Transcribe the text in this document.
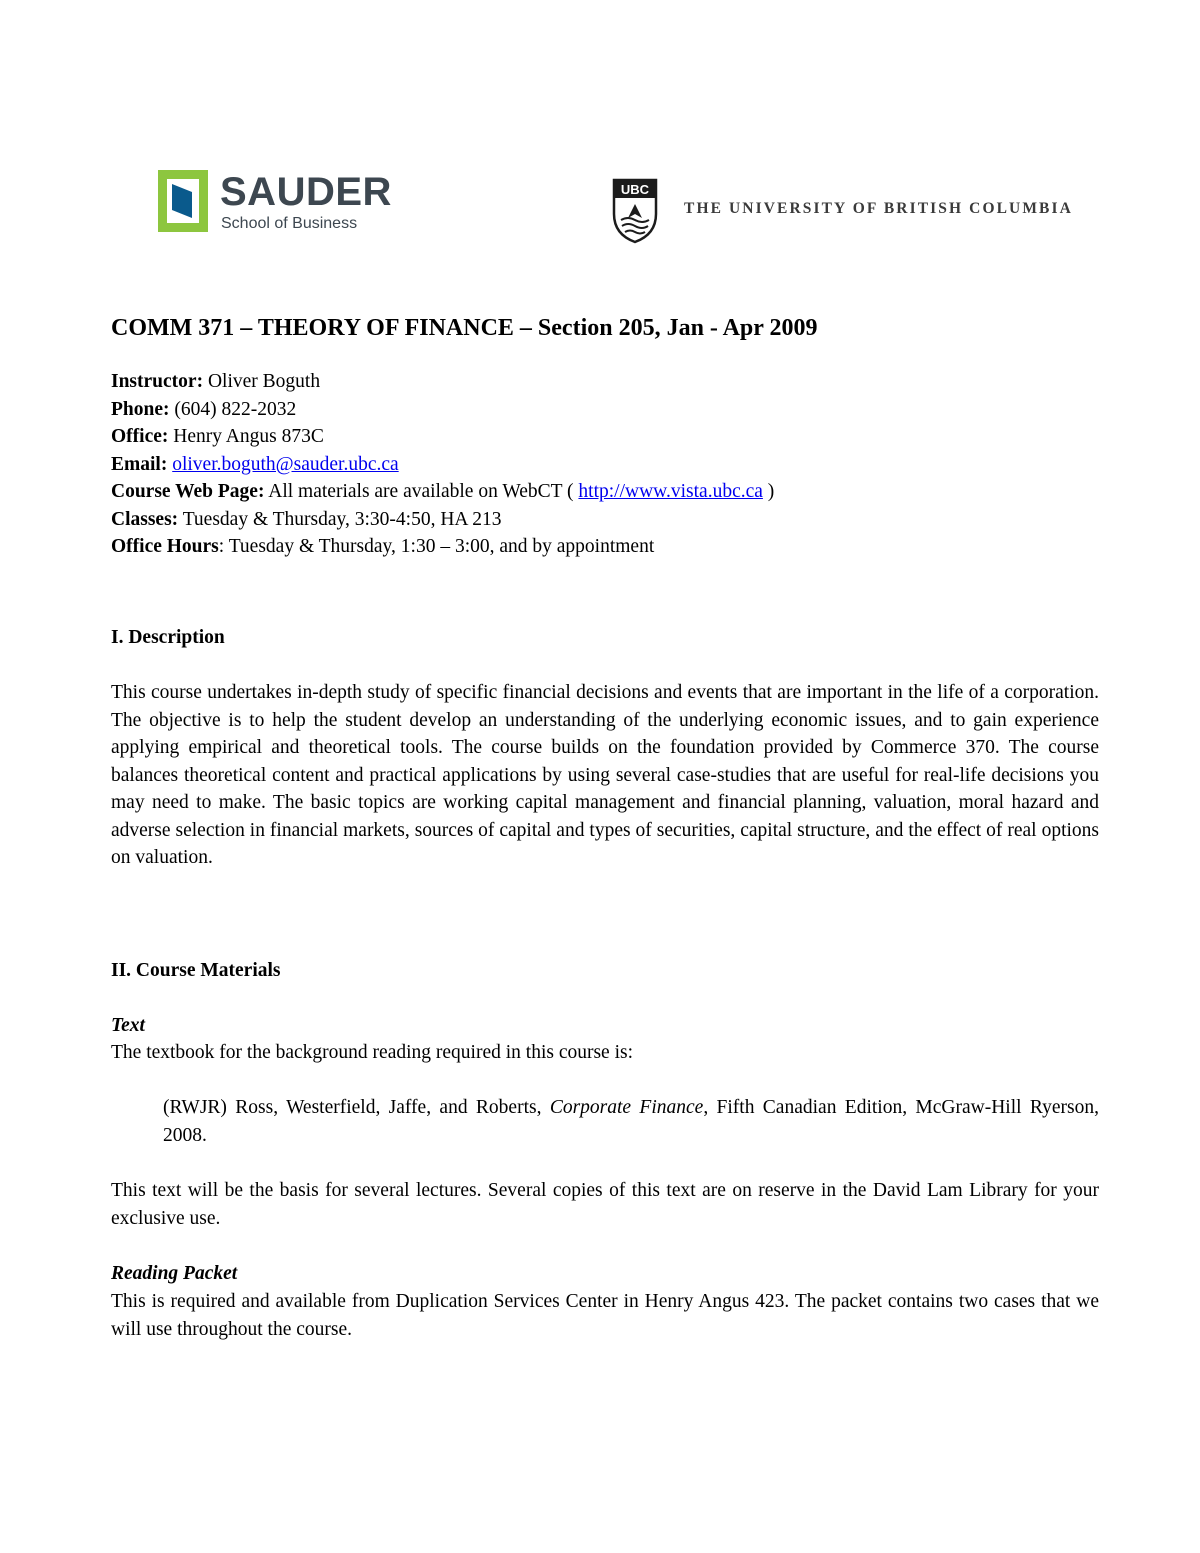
SAUDER
School of Business
UBC
THE UNIVERSITY OF BRITISH COLUMBIA
COMM 371 – THEORY OF FINANCE – Section 205, Jan - Apr 2009
Instructor: Oliver Boguth
Phone: (604) 822-2032
Office: Henry Angus 873C
Email: oliver.boguth@sauder.ubc.ca
Course Web Page: All materials are available on WebCT ( http://www.vista.ubc.ca )
Classes: Tuesday & Thursday, 3:30-4:50, HA 213
Office Hours: Tuesday & Thursday, 1:30 – 3:00, and by appointment
I. Description

This course undertakes in-depth study of specific financial decisions and events that are important in the life of a corporation. The objective is to help the student develop an understanding of the underlying economic issues, and to gain experience applying empirical and theoretical tools. The course builds on the foundation provided by Commerce 370. The course balances theoretical content and practical applications by using several case-studies that are useful for real-life decisions you may need to make. The basic topics are working capital management and financial planning, valuation, moral hazard and adverse selection in financial markets, sources of capital and types of securities, capital structure, and the effect of real options on valuation.

II. Course Materials
Text

The textbook for the background reading required in this course is:

(RWJR) Ross, Westerfield, Jaffe, and Roberts, Corporate Finance, Fifth Canadian Edition, McGraw-Hill Ryerson, 2008.

This text will be the basis for several lectures. Several copies of this text are on reserve in the David Lam Library for your exclusive use.

Reading Packet

This is required and available from Duplication Services Center in Henry Angus 423. The packet contains two cases that we will use throughout the course.
